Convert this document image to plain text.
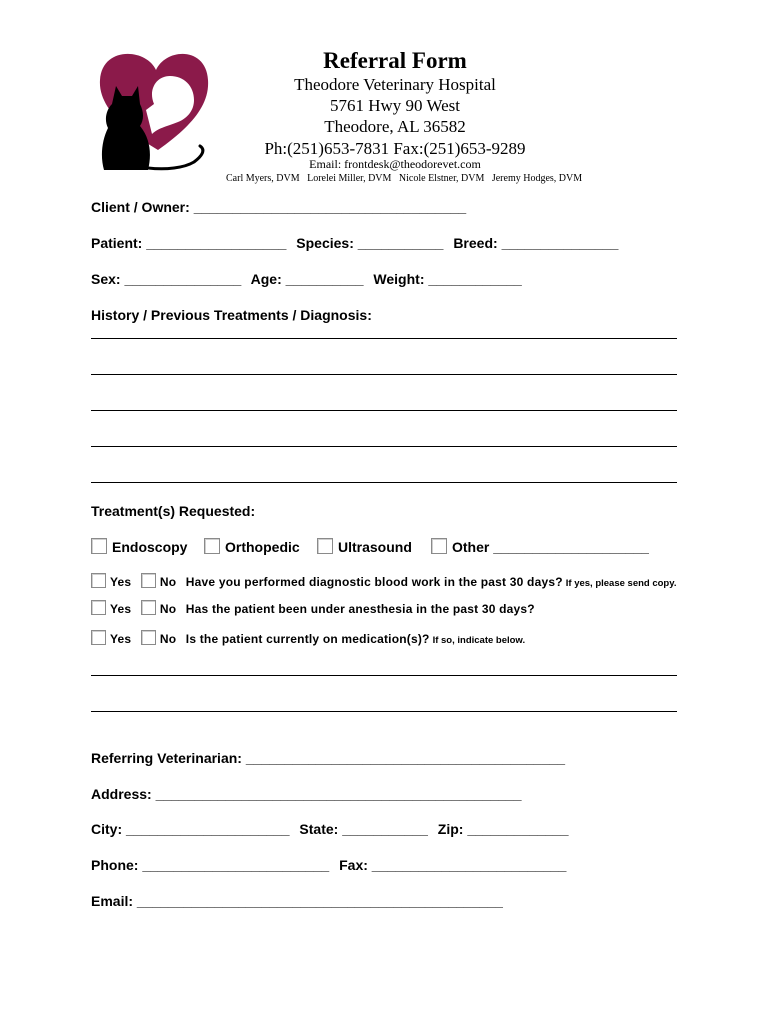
Referral Form
Theodore Veterinary Hospital
5761 Hwy 90 West
Theodore, AL 36582
Ph:(251)653-7831 Fax:(251)653-9289
Email: frontdesk@theodorevet.com
Carl Myers, DVM Lorelei Miller, DVM Nicole Elstner, DVM Jeremy Hodges, DVM
Client / Owner: ___________________________________
Patient: __________________ Species: ___________ Breed: _______________
Sex: _______________ Age: __________ Weight: ____________
History / Previous Treatments / Diagnosis:
Treatment(s) Requested:
Endoscopy	Orthopedic	Ultrasound	Other ____________________
Yes No Have you performed diagnostic blood work in the past 30 days? If yes, please send copy.
Yes No Has the patient been under anesthesia in the past 30 days?
Yes No Is the patient currently on medication(s)? If so, indicate below.
Referring Veterinarian: _________________________________________
Address: _______________________________________________
City: _____________________ State: ___________ Zip: _____________
Phone: ________________________ Fax: _________________________
Email: _______________________________________________
